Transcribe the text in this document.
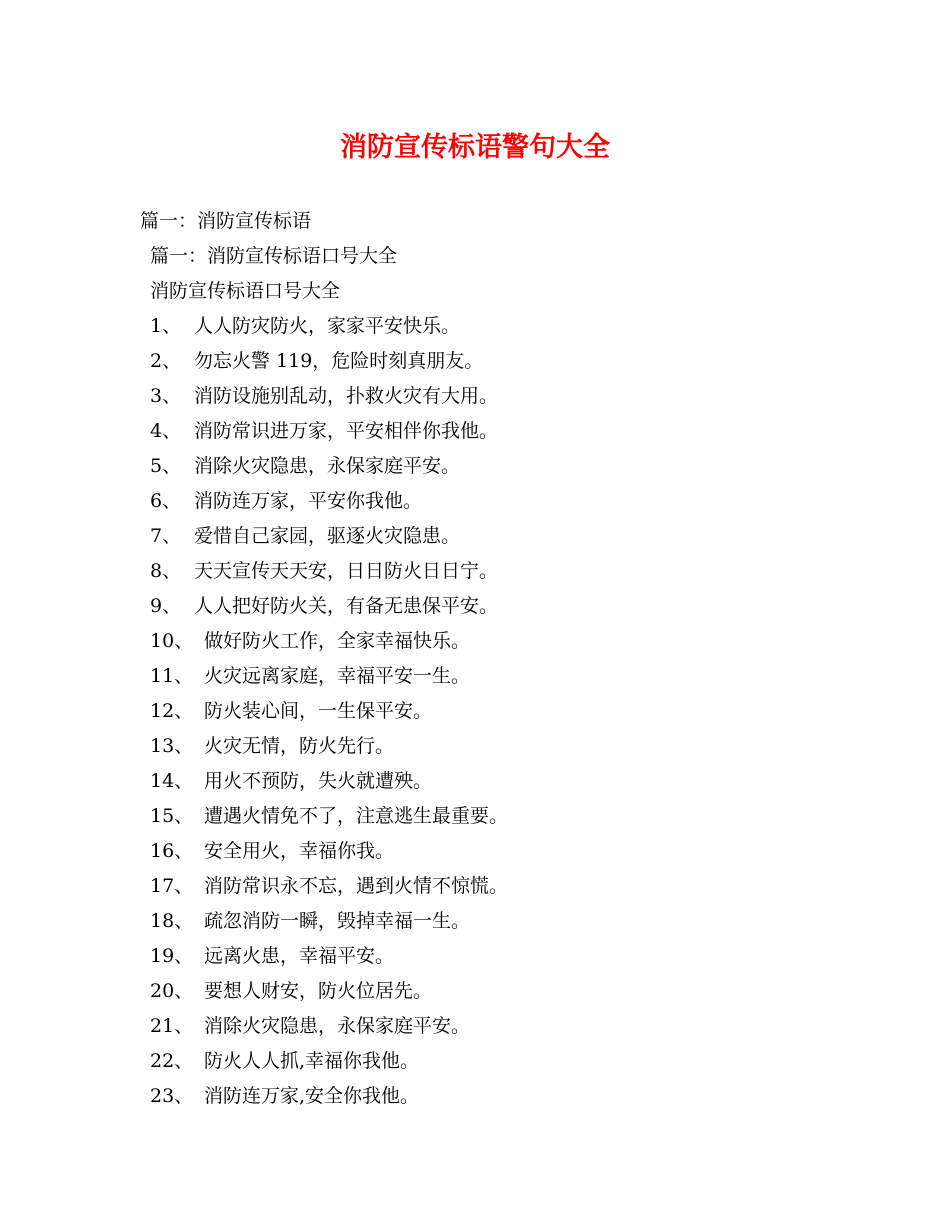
消防宣传标语警句大全
篇一：消防宣传标语
篇一：消防宣传标语口号大全
消防宣传标语口号大全
1、 人人防灾防火，家家平安快乐。
2、 勿忘火警 119，危险时刻真朋友。
3、 消防设施别乱动，扑救火灾有大用。
4、 消防常识进万家，平安相伴你我他。
5、 消除火灾隐患，永保家庭平安。
6、 消防连万家，平安你我他。
7、 爱惜自己家园，驱逐火灾隐患。
8、 天天宣传天天安，日日防火日日宁。
9、 人人把好防火关，有备无患保平安。
10、 做好防火工作，全家幸福快乐。
11、 火灾远离家庭，幸福平安一生。
12、 防火装心间，一生保平安。
13、 火灾无情，防火先行。
14、 用火不预防，失火就遭殃。
15、 遭遇火情免不了，注意逃生最重要。
16、 安全用火，幸福你我。
17、 消防常识永不忘，遇到火情不惊慌。
18、 疏忽消防一瞬，毁掉幸福一生。
19、 远离火患，幸福平安。
20、 要想人财安，防火位居先。
21、 消除火灾隐患，永保家庭平安。
22、 防火人人抓,幸福你我他。
23、 消防连万家,安全你我他。
